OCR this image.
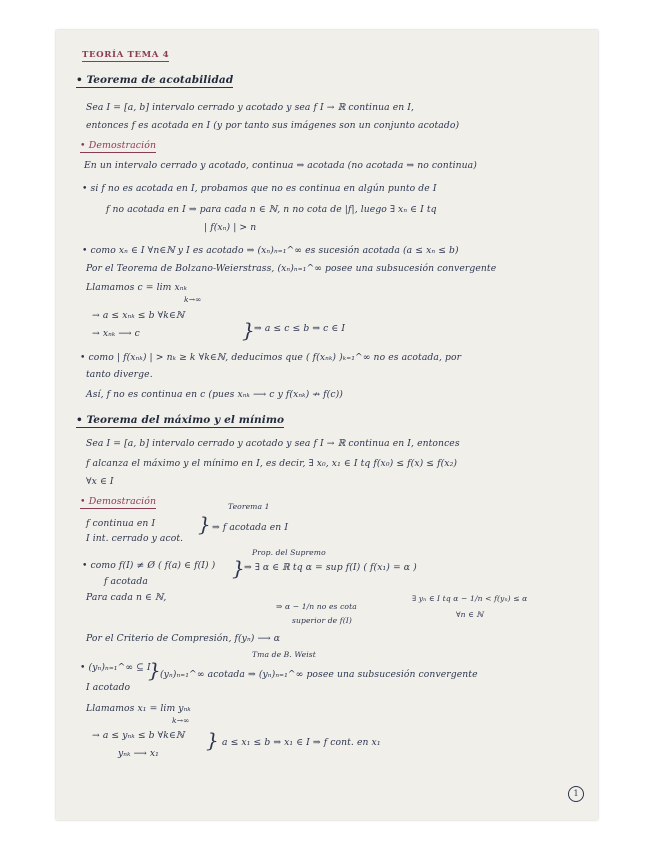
TEORÍA TEMA 4
• Teorema de acotabilidad
Sea I = [a, b] intervalo cerrado y acotado y sea f I → ℝ continua en I,
entonces f es acotada en I (y por tanto sus imágenes son un conjunto acotado)
• Demostración
En un intervalo cerrado y acotado, continua ⇒ acotada (no acotada ⇒ no continua)
• si f no es acotada en I, probamos que no es continua en algún punto de I
f no acotada en I ⇒ para cada n ∈ ℕ, n no cota de |f|, luego ∃ xₙ ∈ I tq
| f(xₙ) | > n
• como xₙ ∈ I ∀n∈ℕ y I es acotado ⇒ (xₙ)ₙ₌₁^∞ es sucesión acotada (a ≤ xₙ ≤ b)
Por el Teorema de Bolzano-Weierstrass, (xₙ)ₙ₌₁^∞ posee una subsucesión convergente
Llamamos c = lim xₙₖ
k→∞
→ a ≤ xₙₖ ≤ b ∀k∈ℕ
→ xₙₖ ⟶ c	} ⇒ a ≤ c ≤ b ⇒ c ∈ I
• como | f(xₙₖ) | > nₖ ≥ k ∀k∈ℕ, deducimos que ( f(xₙₖ) )ₖ₌₁^∞ no es acotada, por
tanto diverge.
Así, f no es continua en c (pues xₙₖ ⟶ c y f(xₙₖ) ↛ f(c))
• Teorema del máximo y el mínimo
Sea I = [a, b] intervalo cerrado y acotado y sea f I → ℝ continua en I, entonces
f alcanza el máximo y el mínimo en I, es decir, ∃ x₀, x₁ ∈ I tq f(x₀) ≤ f(x) ≤ f(x₂)
∀x ∈ I
• Demostración	Teorema 1
f continua en I
I int. cerrado y acot.
} ⇒ f acotada en I
Prop. del Supremo
• como f(I) ≠ Ø ( f(a) ∈ f(I) )
f acotada
} ⇒ ∃ α ∈ ℝ tq α = sup f(I) ( f(x₁) = α )
Para cada n ∈ ℕ,
⇒ α − 1/n no es cota
superior de f(I)
∃ yₙ ∈ I tq α − 1/n < f(yₙ) ≤ α
∀n ∈ ℕ
Por el Criterio de Compresión, f(yₙ) ⟶ α
Tma de B. Weist
• (yₙ)ₙ₌₁^∞ ⊆ I
I acotado
} (yₙ)ₙ₌₁^∞ acotada ⇒ (yₙ)ₙ₌₁^∞ posee una subsucesión convergente
Llamamos x₁ = lim yₙₖ
k→∞
→ a ≤ yₙₖ ≤ b ∀k∈ℕ
yₙₖ ⟶ x₁
} a ≤ x₁ ≤ b ⇒ x₁ ∈ I ⇒ f cont. en x₁
1
